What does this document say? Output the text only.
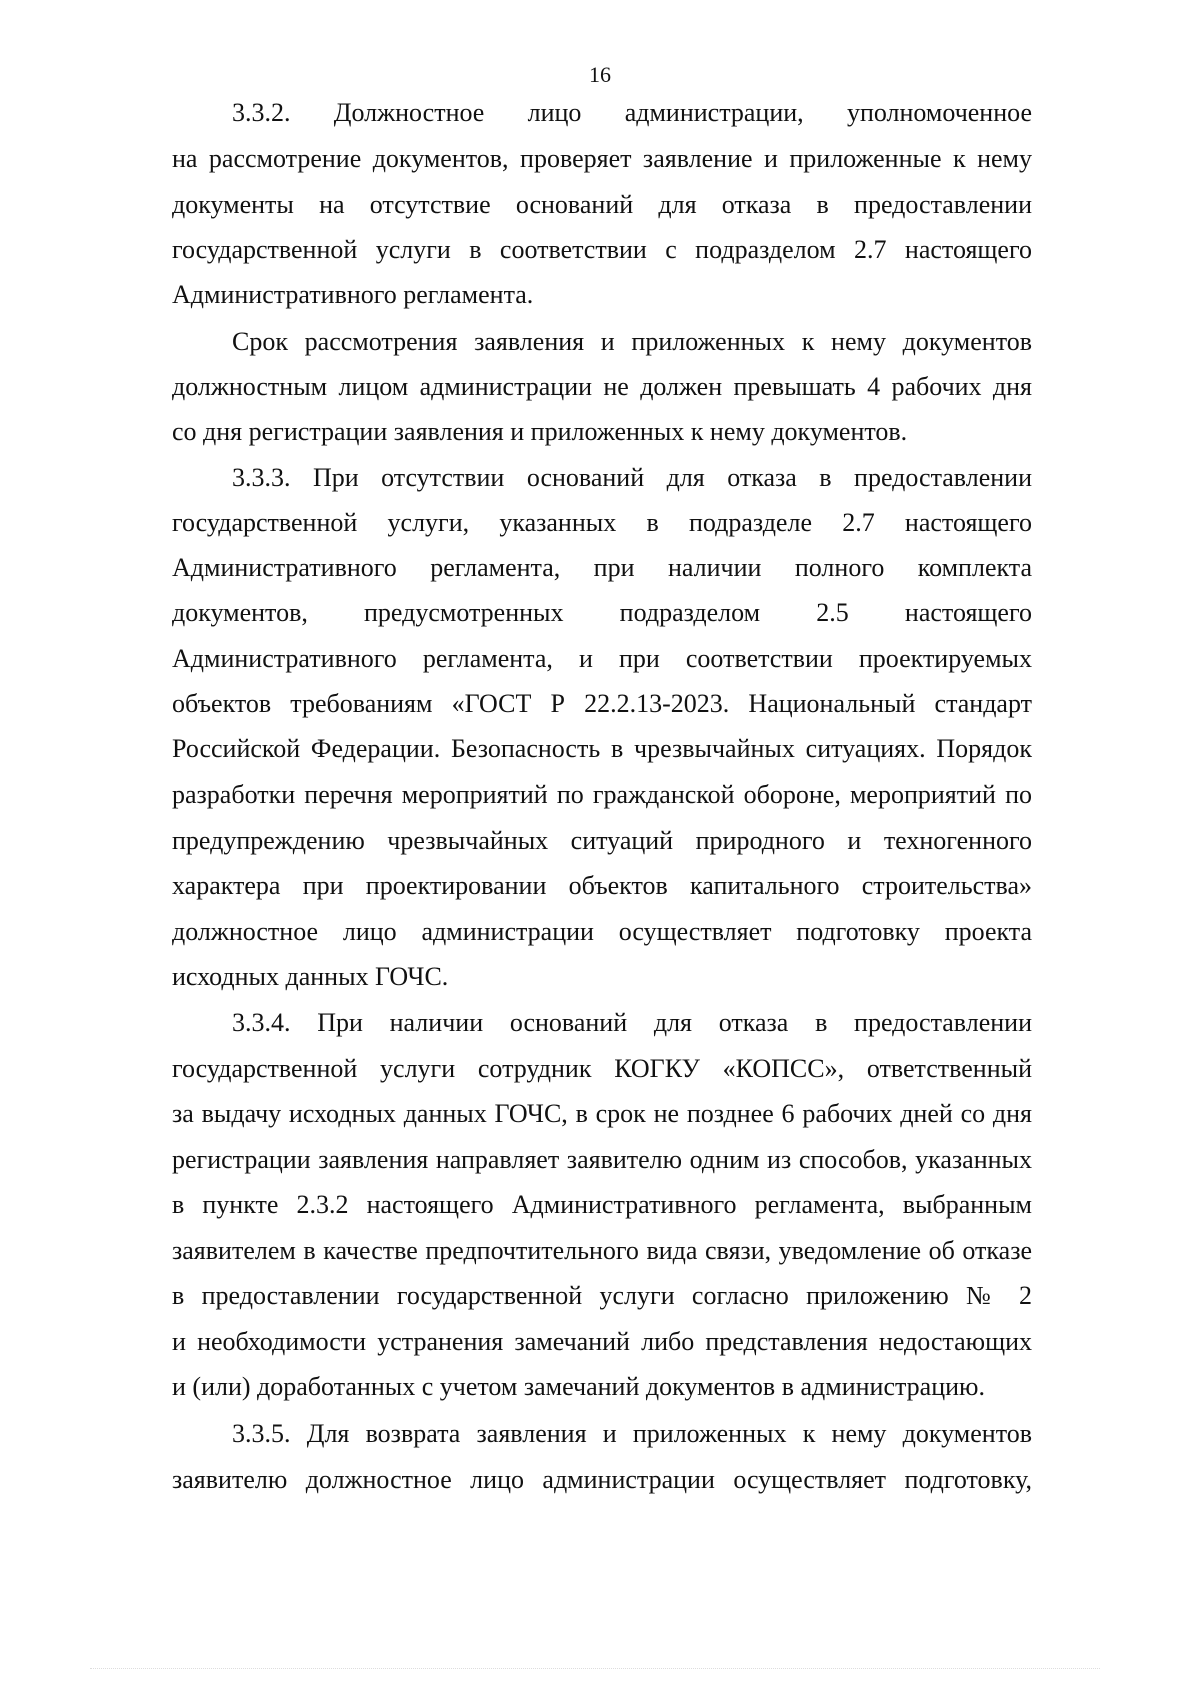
16
3.3.2. Должностное лицо администрации, уполномоченное
на рассмотрение документов, проверяет заявление и приложенные к нему
документы на отсутствие оснований для отказа в предоставлении
государственной услуги в соответствии с подразделом 2.7 настоящего
Административного регламента.
Срок рассмотрения заявления и приложенных к нему документов
должностным лицом администрации не должен превышать 4 рабочих дня
со дня регистрации заявления и приложенных к нему документов.
3.3.3. При отсутствии оснований для отказа в предоставлении
государственной услуги, указанных в подразделе 2.7 настоящего
Административного регламента, при наличии полного комплекта
документов, предусмотренных подразделом 2.5 настоящего
Административного регламента, и при соответствии проектируемых
объектов требованиям «ГОСТ Р 22.2.13-2023. Национальный стандарт
Российской Федерации. Безопасность в чрезвычайных ситуациях. Порядок
разработки перечня мероприятий по гражданской обороне, мероприятий по
предупреждению чрезвычайных ситуаций природного и техногенного
характера при проектировании объектов капитального строительства»
должностное лицо администрации осуществляет подготовку проекта
исходных данных ГОЧС.
3.3.4. При наличии оснований для отказа в предоставлении
государственной услуги сотрудник КОГКУ «КОПСС», ответственный
за выдачу исходных данных ГОЧС, в срок не позднее 6 рабочих дней со дня
регистрации заявления направляет заявителю одним из способов, указанных
в пункте 2.3.2 настоящего Административного регламента, выбранным
заявителем в качестве предпочтительного вида связи, уведомление об отказе
в предоставлении государственной услуги согласно приложению № 2
и необходимости устранения замечаний либо представления недостающих
и (или) доработанных с учетом замечаний документов в администрацию.
3.3.5. Для возврата заявления и приложенных к нему документов
заявителю должностное лицо администрации осуществляет подготовку,
